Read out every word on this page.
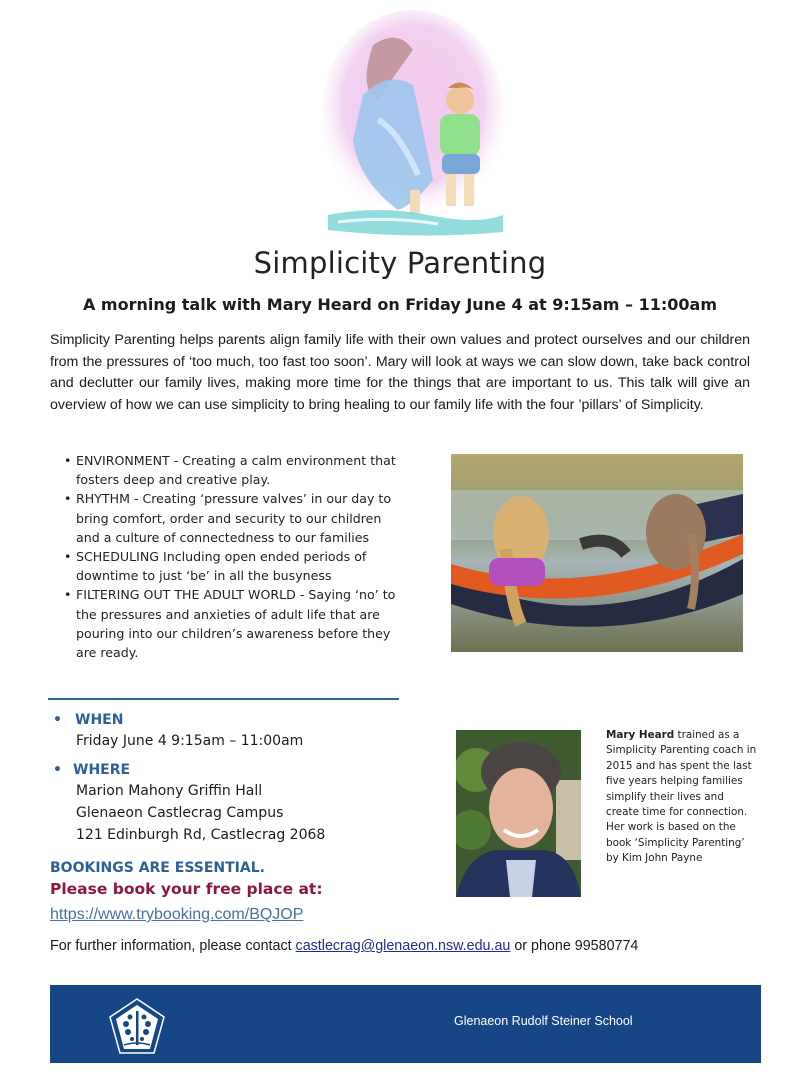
Simplicity Parenting
A morning talk with Mary Heard on Friday June 4 at 9:15am – 11:00am

Simplicity Parenting helps parents align family life with their own values and protect ourselves and our children from the pressures of ‘too much, too fast too soon’. Mary will look at ways we can slow down, take back control and declutter our family lives, making more time for the things that are important to us. This talk will give an overview of how we can use simplicity to bring healing to our family life with the four ’pillars’ of Simplicity.

• ENVIRONMENT - Creating a calm environment that fosters deep and creative play.
• RHYTHM - Creating ‘pressure valves’ in our day to bring comfort, order and security to our children and a culture of connectedness to our families
• SCHEDULING Including open ended periods of downtime to just ‘be’ in all the busyness
• FILTERING OUT THE ADULT WORLD - Saying ‘no’ to the pressures and anxieties of adult life that are pouring into our children’s awareness before they are ready.
• WHEN
Friday June 4 9:15am – 11:00am
• WHERE
Marion Mahony Griffin Hall
Glenaeon Castlecrag Campus
121 Edinburgh Rd, Castlecrag 2068
BOOKINGS ARE ESSENTIAL.
Please book your free place at:
https://www.trybooking.com/BQJOP

Mary Heard trained as a Simplicity Parenting coach in 2015 and has spent the last five years helping families simplify their lives and create time for connection. Her work is based on the book ‘Simplicity Parenting’ by Kim John Payne

For further information, please contact castlecrag@glenaeon.nsw.edu.au or phone 99580774

Glenaeon Rudolf Steiner School
